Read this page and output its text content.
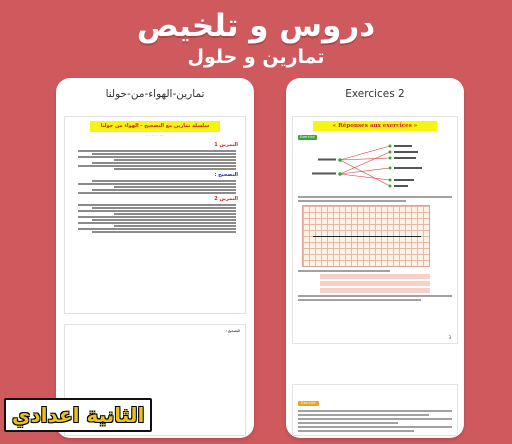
دروس و تلخيص
تمارين و حلول
تمارين-الهواء-من-حولنا
سلسلة تمارين مع التصحيح - الهواء من حولنا
- - - - - - -
التمرين 1
التصحيح :
التمرين 2
التصحيح :
Exercices 2
« Réponses aux exercices »
Exercice
3
Exercice
الثانية اعدادي
